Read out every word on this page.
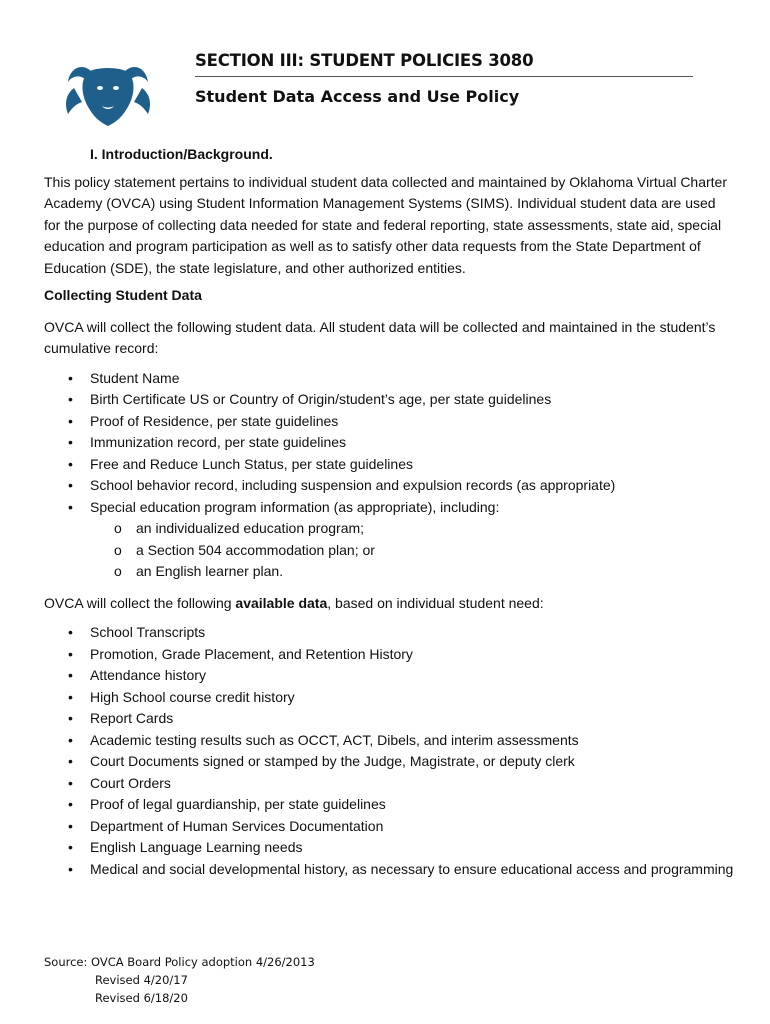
SECTION III: STUDENT POLICIES 3080
Student Data Access and Use Policy

I. Introduction/Background.

This policy statement pertains to individual student data collected and maintained by Oklahoma Virtual Charter Academy (OVCA) using Student Information Management Systems (SIMS). Individual student data are used for the purpose of collecting data needed for state and federal reporting, state assessments, state aid, special education and program participation as well as to satisfy other data requests from the State Department of Education (SDE), the state legislature, and other authorized entities.

Collecting Student Data

OVCA will collect the following student data. All student data will be collected and maintained in the student’s cumulative record:

• Student Name
• Birth Certificate US or Country of Origin/student’s age, per state guidelines
• Proof of Residence, per state guidelines
• Immunization record, per state guidelines
• Free and Reduce Lunch Status, per state guidelines
• School behavior record, including suspension and expulsion records (as appropriate)
• Special education program information (as appropriate), including:
o an individualized education program;
o a Section 504 accommodation plan; or
o an English learner plan.

OVCA will collect the following available data, based on individual student need:

• School Transcripts
• Promotion, Grade Placement, and Retention History
• Attendance history
• High School course credit history
• Report Cards
• Academic testing results such as OCCT, ACT, Dibels, and interim assessments
• Court Documents signed or stamped by the Judge, Magistrate, or deputy clerk
• Court Orders
• Proof of legal guardianship, per state guidelines
• Department of Human Services Documentation
• English Language Learning needs
• Medical and social developmental history, as necessary to ensure educational access and programming
Source: OVCA Board Policy adoption 4/26/2013
Revised 4/20/17
Revised 6/18/20
